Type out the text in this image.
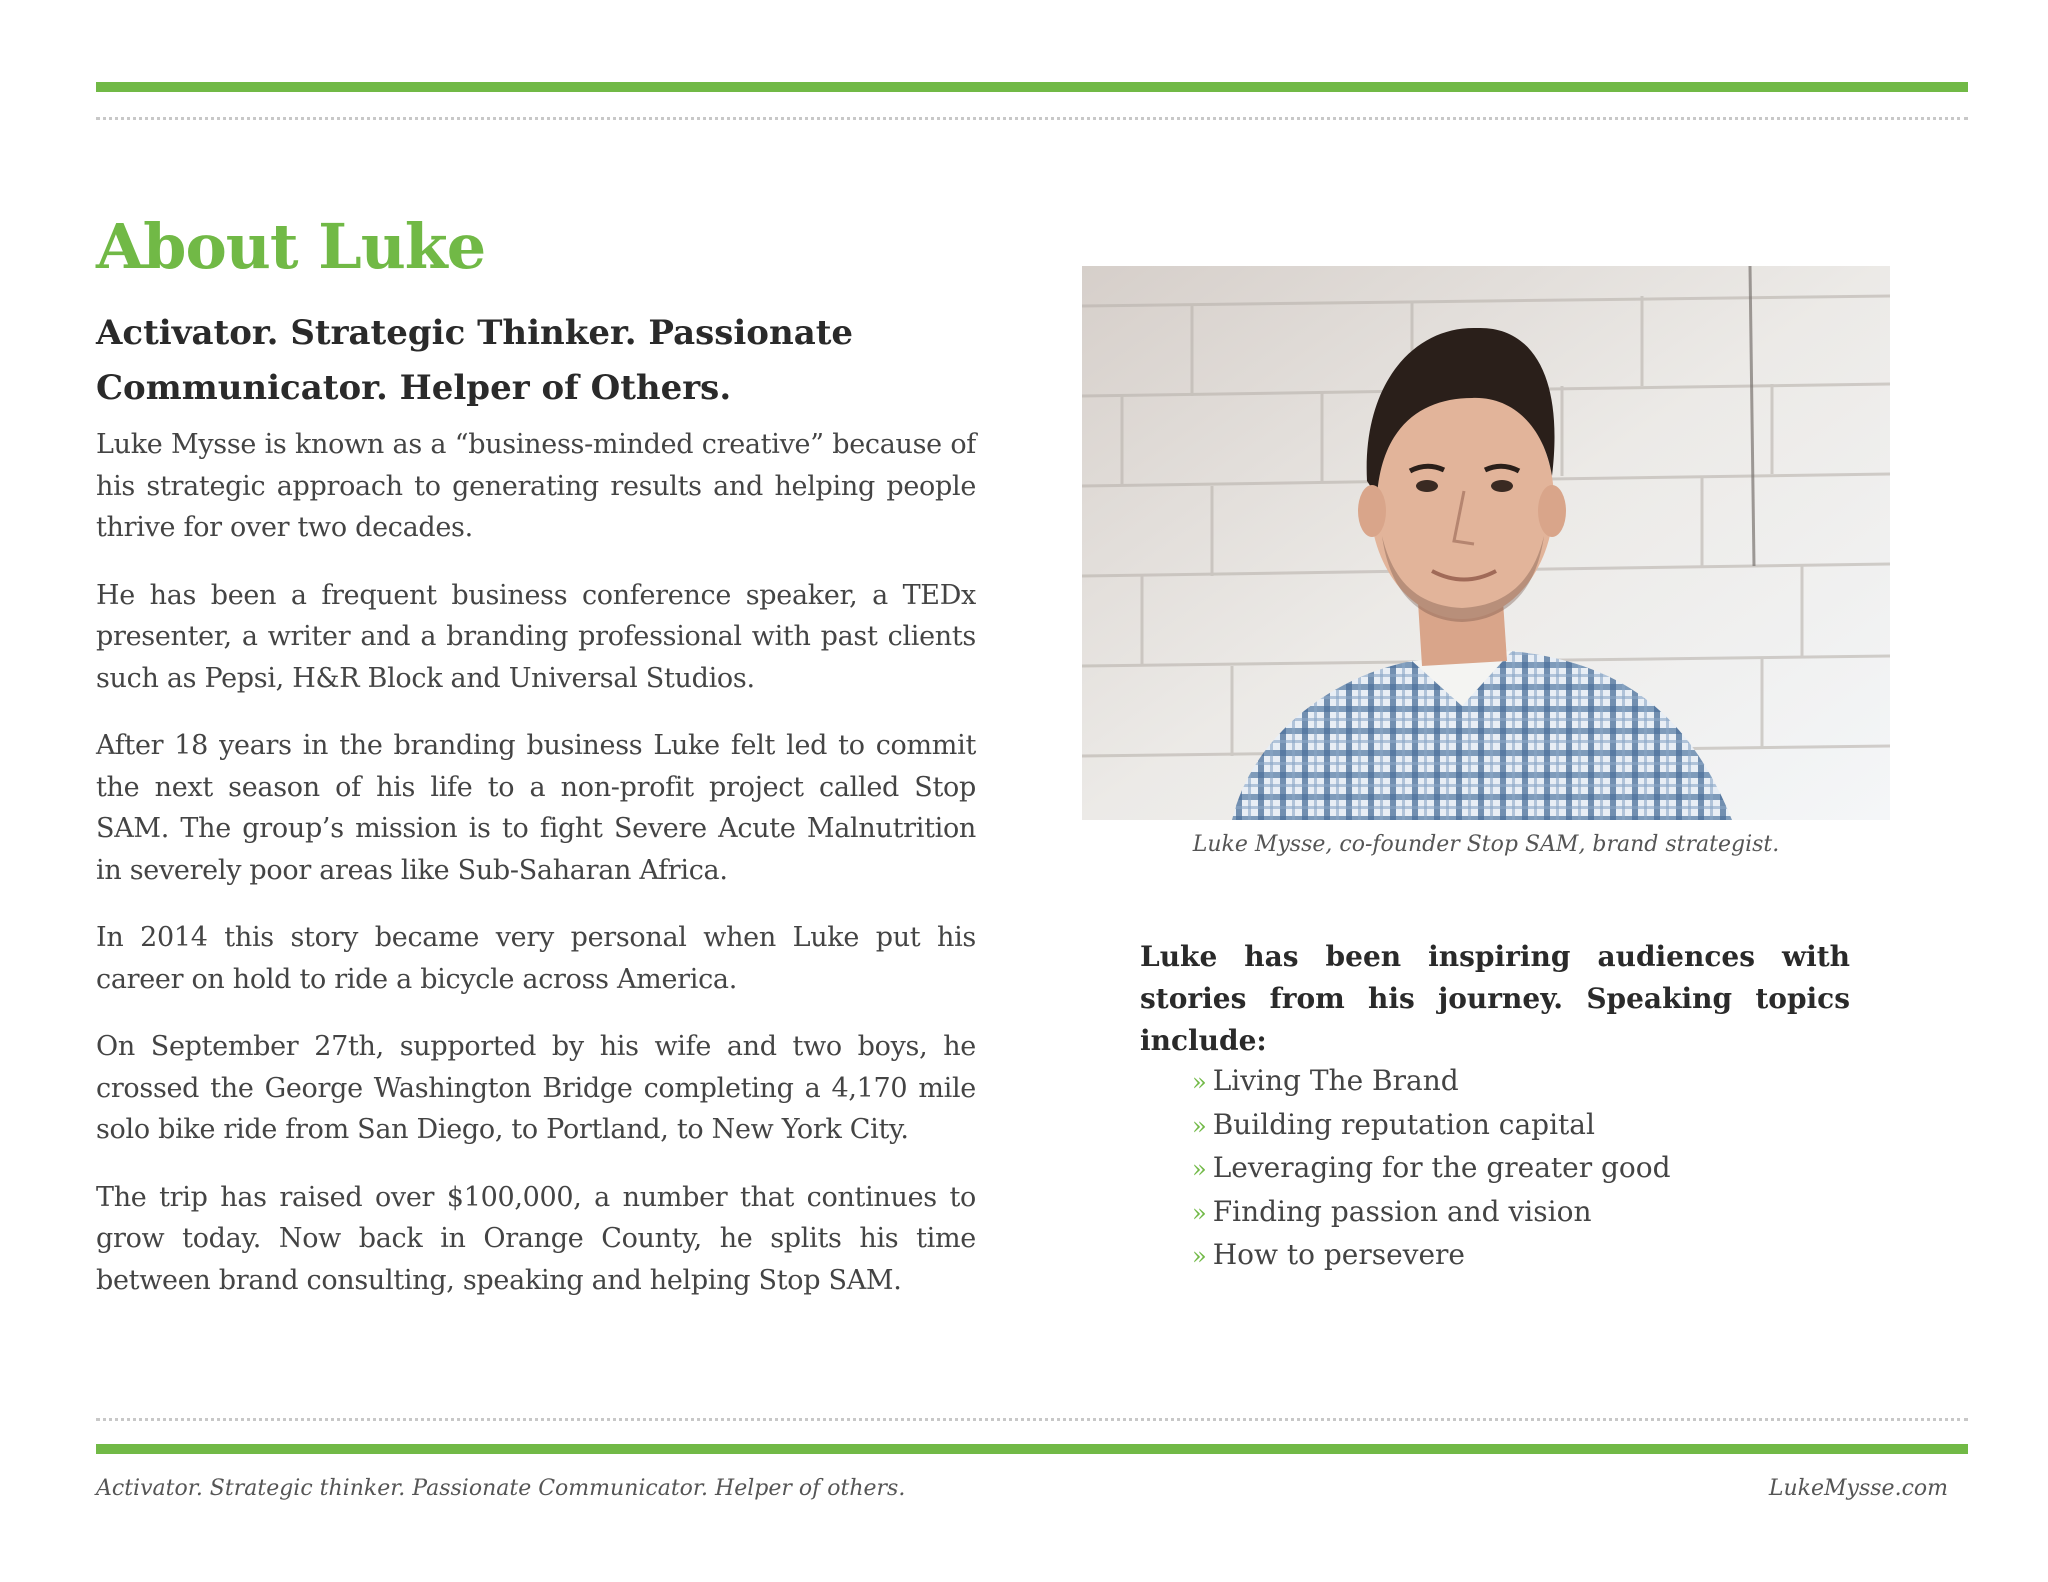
About Luke
Activator. Strategic Thinker. Passionate Communicator. Helper of Others.

Luke Mysse is known as a “business-minded creative” because of his strategic approach to generating results and helping people thrive for over two decades.

He has been a frequent business conference speaker, a TEDx presenter, a writer and a branding professional with past clients such as Pepsi, H&R Block and Universal Studios.

After 18 years in the branding business Luke felt led to commit the next season of his life to a non-profit project called Stop SAM. The group’s mission is to fight Severe Acute Malnutrition in severely poor areas like Sub-Saharan Africa.

In 2014 this story became very personal when Luke put his career on hold to ride a bicycle across America.

On September 27th, supported by his wife and two boys, he crossed the George Washington Bridge completing a 4,170 mile solo bike ride from San Diego, to Portland, to New York City.

The trip has raised over $100,000, a number that continues to grow today. Now back in Orange County, he splits his time between brand consulting, speaking and helping Stop SAM.

Luke Mysse, co-founder Stop SAM, brand strategist.

Luke has been inspiring audiences with stories from his journey. Speaking topics include:

» Living The Brand
» Building reputation capital
» Leveraging for the greater good
» Finding passion and vision
» How to persevere
Activator. Strategic thinker. Passionate Communicator. Helper of others.	LukeMysse.com
